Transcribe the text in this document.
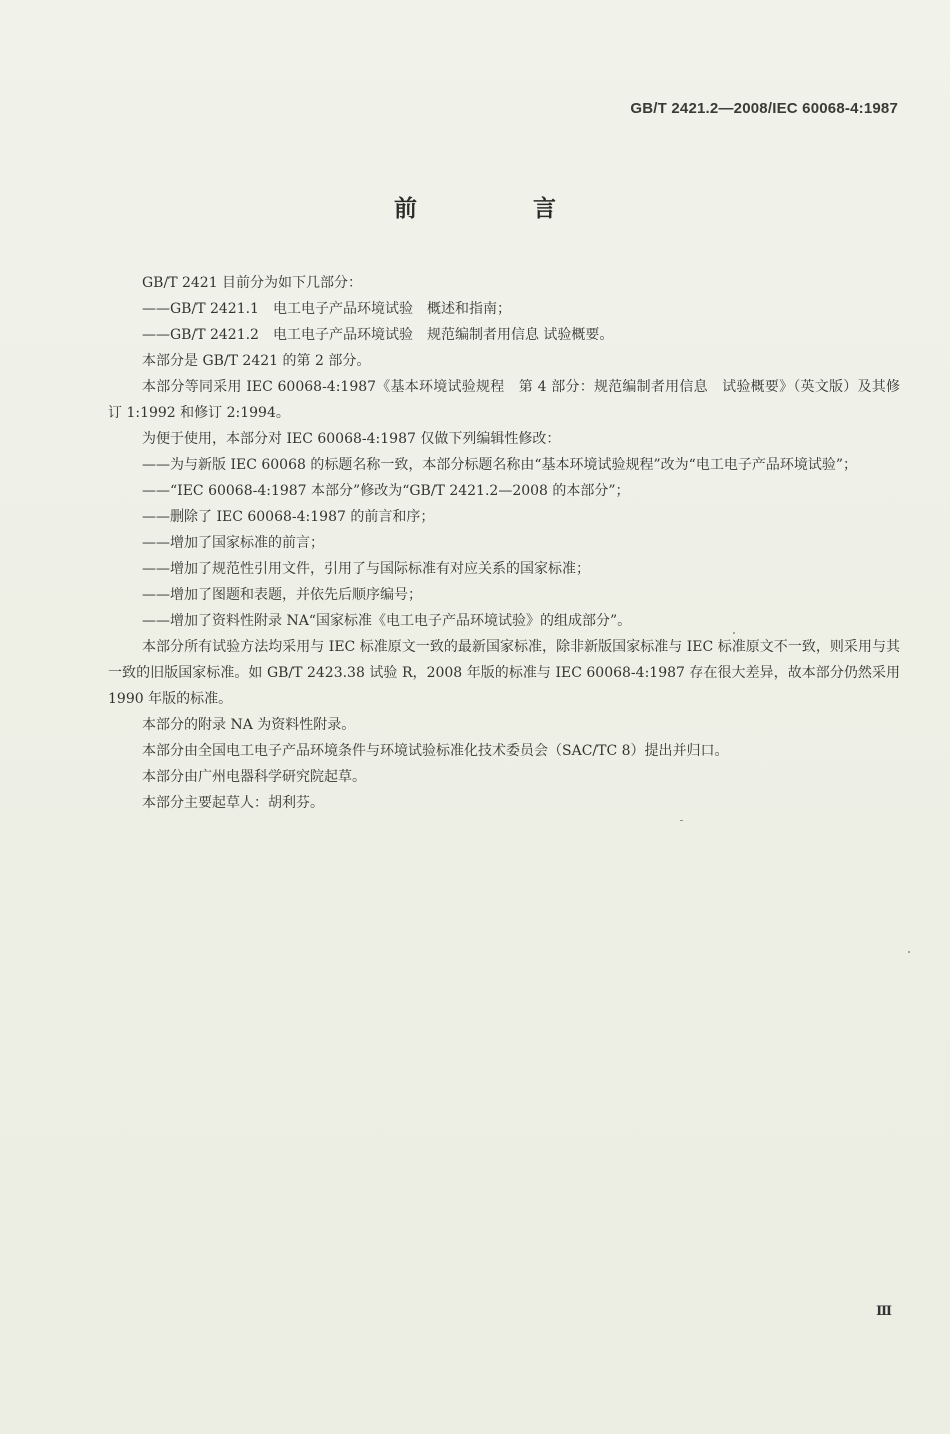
GB/T 2421.2—2008/IEC 60068-4:1987
前 言

GB/T 2421 目前分为如下几部分：

——GB/T 2421.1　电工电子产品环境试验　概述和指南；

——GB/T 2421.2　电工电子产品环境试验　规范编制者用信息 试验概要。

本部分是 GB/T 2421 的第 2 部分。

本部分等同采用 IEC 60068-4:1987《基本环境试验规程　第 4 部分：规范编制者用信息　试验概要》（英文版）及其修订 1:1992 和修订 2:1994。

为便于使用，本部分对 IEC 60068-4:1987 仅做下列编辑性修改：

——为与新版 IEC 60068 的标题名称一致，本部分标题名称由“基本环境试验规程”改为“电工电子产品环境试验”；

——“IEC 60068-4:1987 本部分”修改为“GB/T 2421.2—2008 的本部分”；

——删除了 IEC 60068-4:1987 的前言和序；

——增加了国家标准的前言；

——增加了规范性引用文件，引用了与国际标准有对应关系的国家标准；

——增加了图题和表题，并依先后顺序编号；

——增加了资料性附录 NA“国家标准《电工电子产品环境试验》的组成部分”。

本部分所有试验方法均采用与 IEC 标准原文一致的最新国家标准，除非新版国家标准与 IEC 标准原文不一致，则采用与其一致的旧版国家标准。如 GB/T 2423.38 试验 R，2008 年版的标准与 IEC 60068-4:1987 存在很大差异，故本部分仍然采用 1990 年版的标准。

本部分的附录 NA 为资料性附录。

本部分由全国电工电子产品环境条件与环境试验标准化技术委员会（SAC/TC 8）提出并归口。

本部分由广州电器科学研究院起草。

本部分主要起草人：胡利芬。

Ⅲ
